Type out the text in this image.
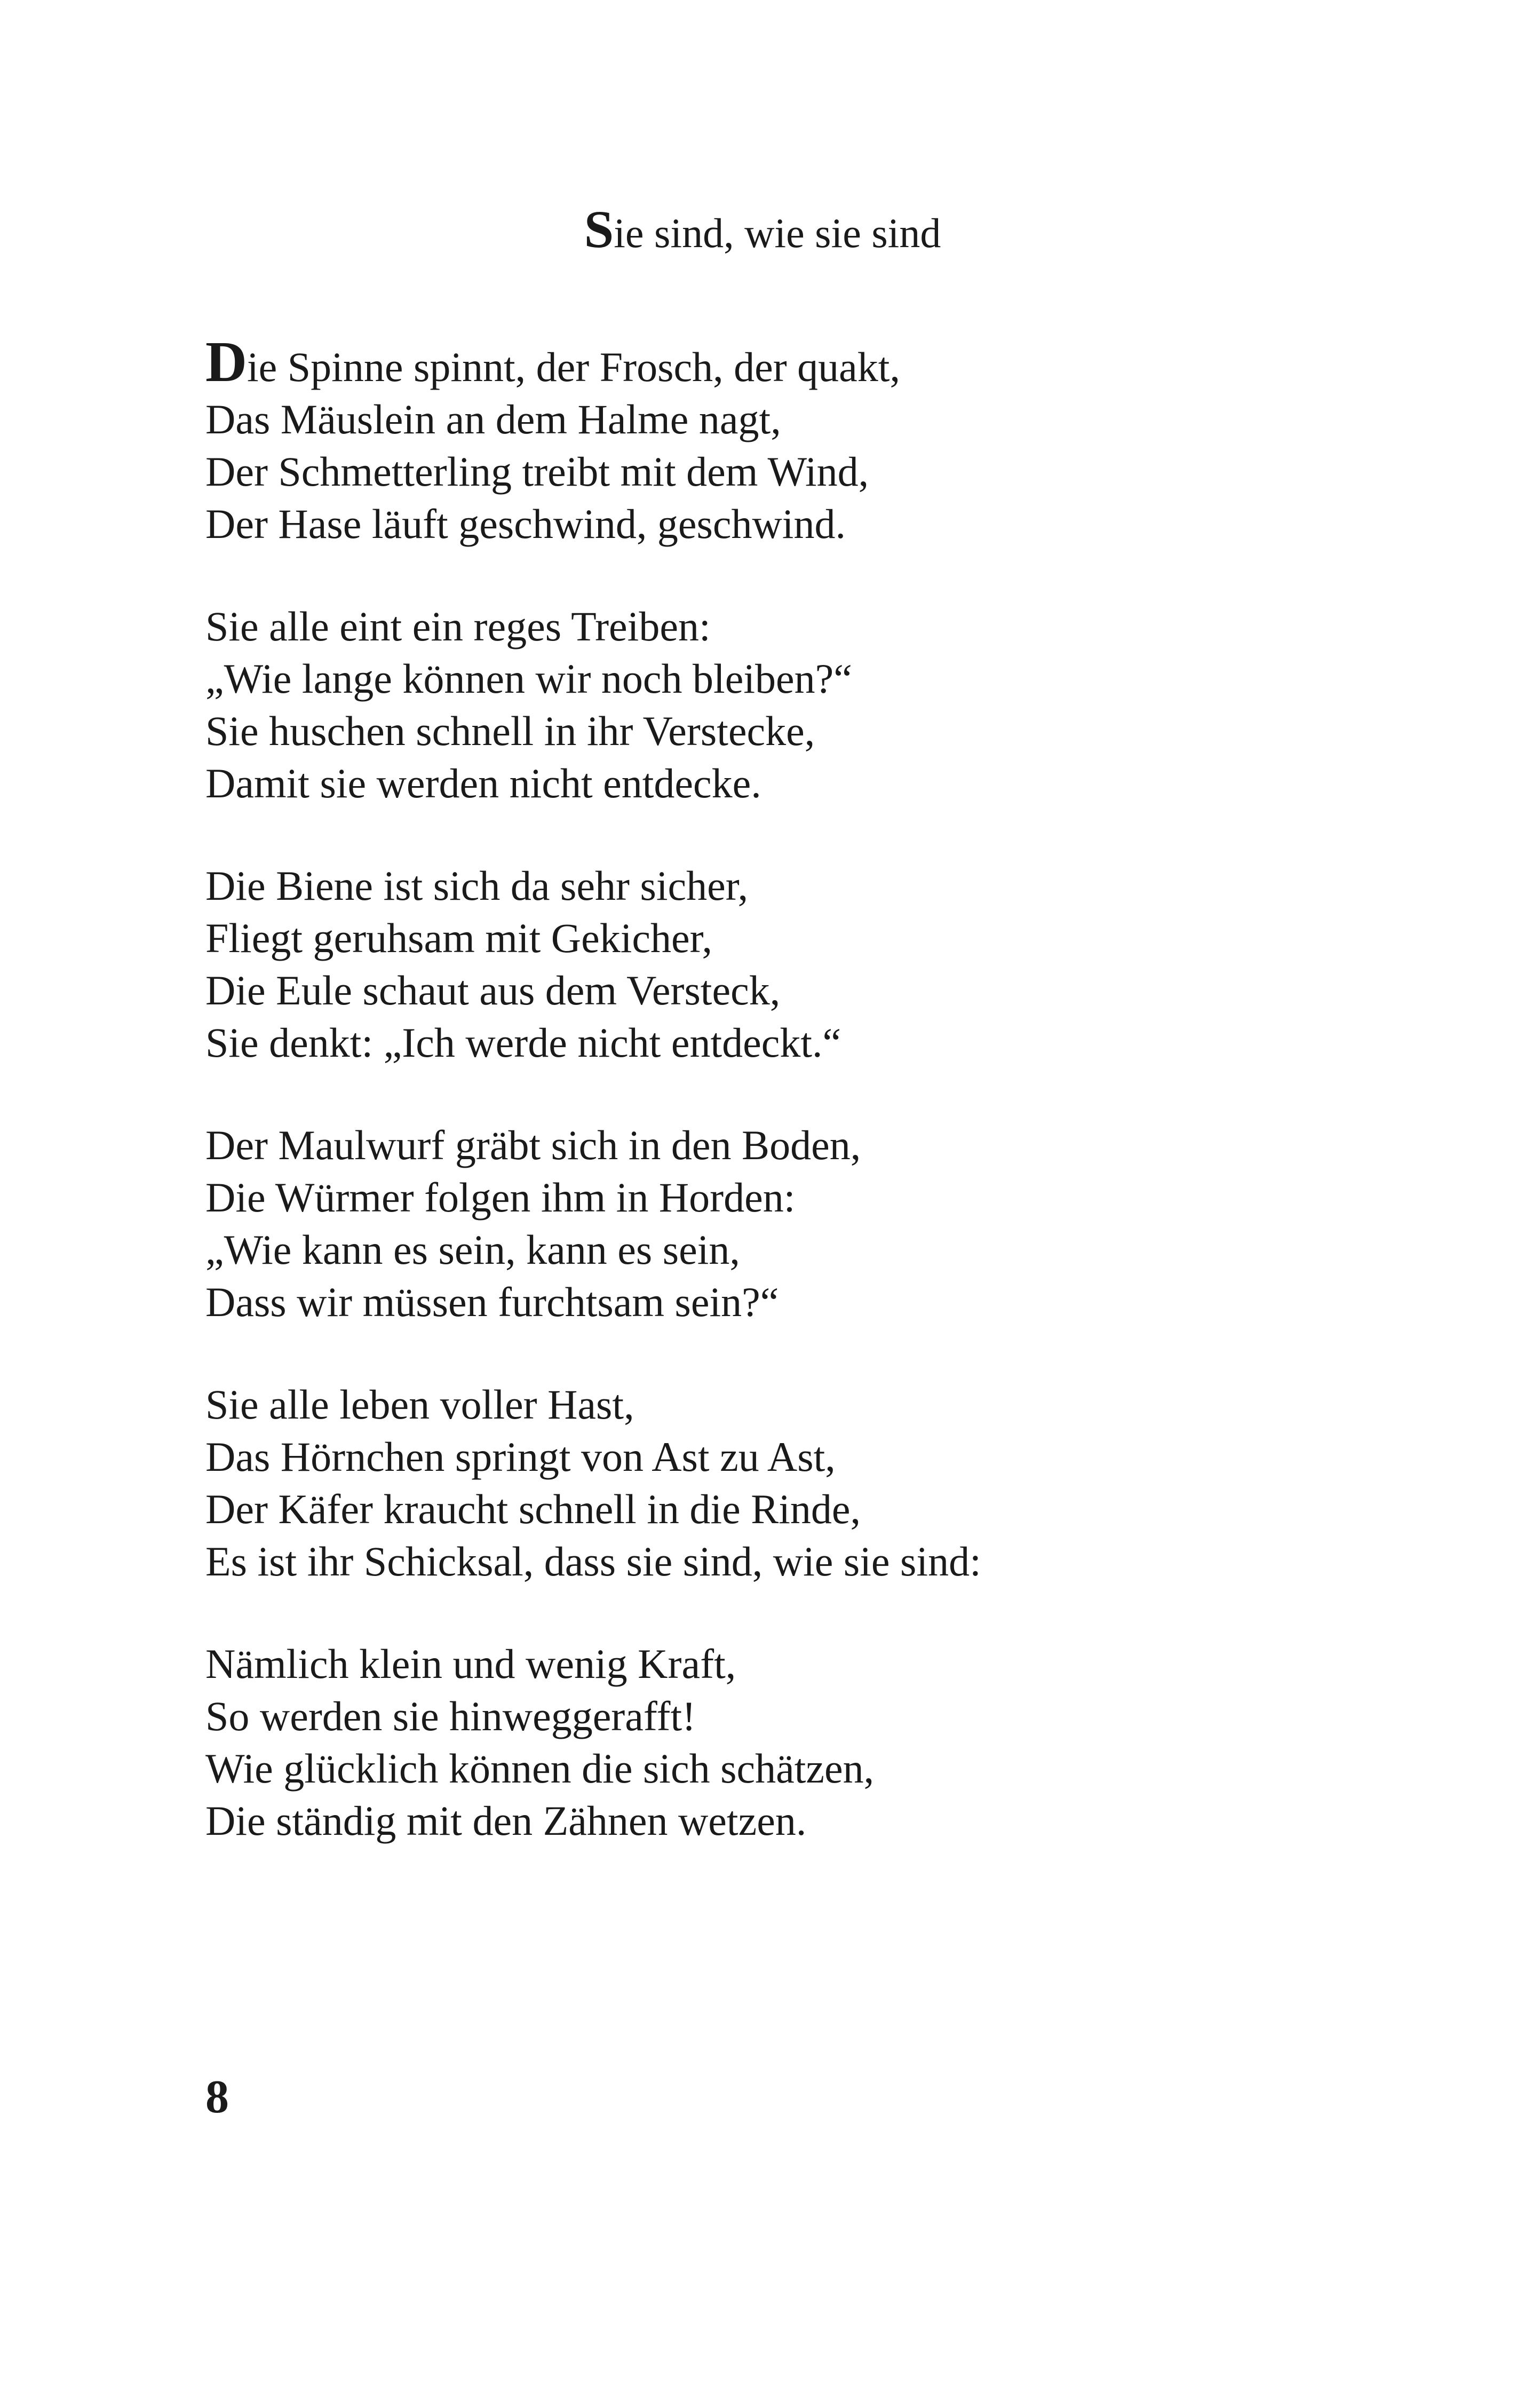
Sie sind, wie sie sind
Die Spinne spinnt, der Frosch, der quakt,
Das Mäuslein an dem Halme nagt,
Der Schmetterling treibt mit dem Wind,
Der Hase läuft geschwind, geschwind.
Sie alle eint ein reges Treiben:
„Wie lange können wir noch bleiben?“
Sie huschen schnell in ihr Verstecke,
Damit sie werden nicht entdecke.
Die Biene ist sich da sehr sicher,
Fliegt geruhsam mit Gekicher,
Die Eule schaut aus dem Versteck,
Sie denkt: „Ich werde nicht entdeckt.“
Der Maulwurf gräbt sich in den Boden,
Die Würmer folgen ihm in Horden:
„Wie kann es sein, kann es sein,
Dass wir müssen furchtsam sein?“
Sie alle leben voller Hast,
Das Hörnchen springt von Ast zu Ast,
Der Käfer kraucht schnell in die Rinde,
Es ist ihr Schicksal, dass sie sind, wie sie sind:
Nämlich klein und wenig Kraft,
So werden sie hinweggerafft!
Wie glücklich können die sich schätzen,
Die ständig mit den Zähnen wetzen.
8
